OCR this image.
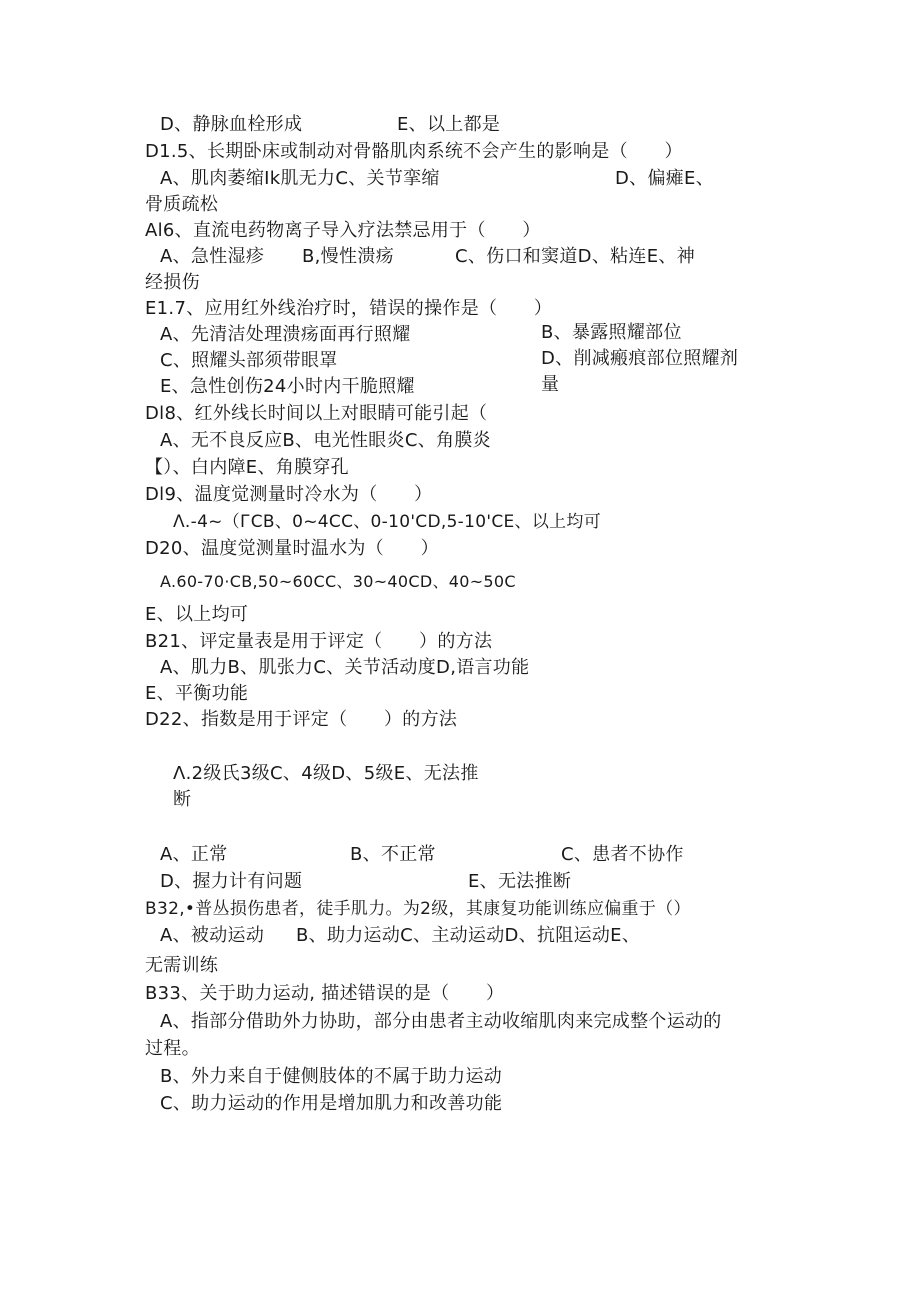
D、静脉血栓形成	E、以上都是
D1.5、长期卧床或制动对骨骼肌肉系统不会产生的影响是（　　）
A、肌肉萎缩Ik肌无力C、关节挛缩	D、偏瘫E、
骨质疏松
Al6、直流电药物离子导入疗法禁忌用于（　　）
A、急性湿疹 B,慢性溃疡	C、伤口和窦道D、粘连E、神
经损伤
E1.7、应用红外线治疗时，错误的操作是（　　）
A、先清洁处理溃疡面再行照耀	B、暴露照耀部位
C、照耀头部须带眼罩	D、削减瘢痕部位照耀剂
E、急性创伤24小时内干脆照耀	量
Dl8、红外线长时间以上对眼睛可能引起（
A、无不良反应B、电光性眼炎C、角膜炎
【）、白内障E、角膜穿孔
Dl9、温度觉测量时冷水为（　　）
Λ.-4~（ГCB、0~4CC、0-10'CD,5-10'CE、以上均可
D20、温度觉测量时温水为（　　）
A.60-70·CB,50~60CC、30~40CD、40~50C
E、以上均可
B21、评定量表是用于评定（　　）的方法
A、肌力B、肌张力C、关节活动度D,语言功能
E、平衡功能
D22、指数是用于评定（　　）的方法
Λ.2级氏3级C、4级D、5级E、无法推
断
A、正常	B、不正常	C、患者不协作
D、握力计有问题	E、无法推断
B32,•普丛损伤患者，徒手肌力。为2级，其康复功能训练应偏重于（）
A、被动运动 B、助力运动C、主动运动D、抗阻运动E、
无需训练
B33、关于助力运动, 描述错误的是（　　）
A、指部分借助外力协助，部分由患者主动收缩肌肉来完成整个运动的
过程。
B、外力来自于健侧肢体的不属于助力运动
C、助力运动的作用是增加肌力和改善功能
